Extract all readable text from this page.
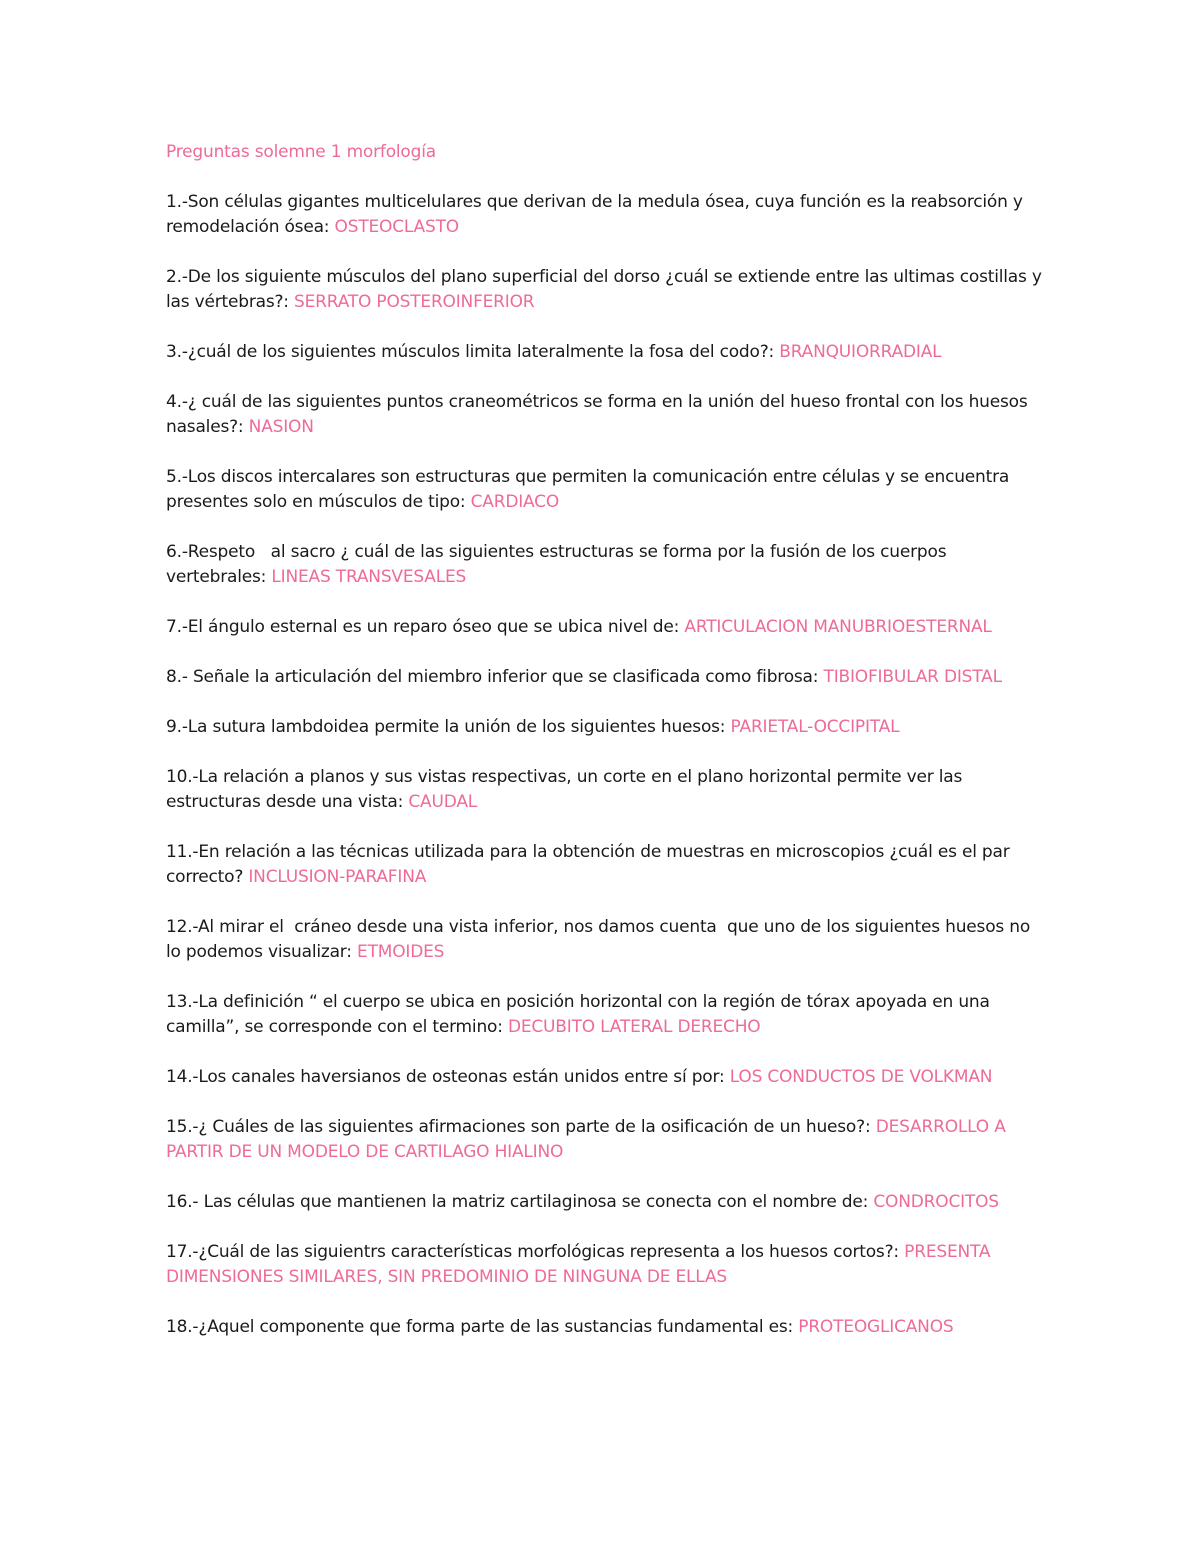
Preguntas solemne 1 morfología

1.-Son células gigantes multicelulares que derivan de la medula ósea, cuya función es la reabsorción y remodelación ósea: OSTEOCLASTO

2.-De los siguiente músculos del plano superficial del dorso ¿cuál se extiende entre las ultimas costillas y las vértebras?: SERRATO POSTEROINFERIOR

3.-¿cuál de los siguientes músculos limita lateralmente la fosa del codo?: BRANQUIORRADIAL

4.-¿ cuál de las siguientes puntos craneométricos se forma en la unión del hueso frontal con los huesos nasales?: NASION

5.-Los discos intercalares son estructuras que permiten la comunicación entre células y se encuentra presentes solo en músculos de tipo: CARDIACO

6.-Respeto   al sacro ¿ cuál de las siguientes estructuras se forma por la fusión de los cuerpos vertebrales: LINEAS TRANSVESALES

7.-El ángulo esternal es un reparo óseo que se ubica nivel de: ARTICULACION MANUBRIOESTERNAL

8.- Señale la articulación del miembro inferior que se clasificada como fibrosa: TIBIOFIBULAR DISTAL

9.-La sutura lambdoidea permite la unión de los siguientes huesos: PARIETAL-OCCIPITAL

10.-La relación a planos y sus vistas respectivas, un corte en el plano horizontal permite ver las estructuras desde una vista: CAUDAL

11.-En relación a las técnicas utilizada para la obtención de muestras en microscopios ¿cuál es el par correcto? INCLUSION-PARAFINA

12.-Al mirar el  cráneo desde una vista inferior, nos damos cuenta  que uno de los siguientes huesos no lo podemos visualizar: ETMOIDES

13.-La definición “ el cuerpo se ubica en posición horizontal con la región de tórax apoyada en una camilla”, se corresponde con el termino: DECUBITO LATERAL DERECHO

14.-Los canales haversianos de osteonas están unidos entre sí por: LOS CONDUCTOS DE VOLKMAN

15.-¿ Cuáles de las siguientes afirmaciones son parte de la osificación de un hueso?: DESARROLLO A PARTIR DE UN MODELO DE CARTILAGO HIALINO

16.- Las células que mantienen la matriz cartilaginosa se conecta con el nombre de: CONDROCITOS

17.-¿Cuál de las siguientrs características morfológicas representa a los huesos cortos?: PRESENTA DIMENSIONES SIMILARES, SIN PREDOMINIO DE NINGUNA DE ELLAS

18.-¿Aquel componente que forma parte de las sustancias fundamental es: PROTEOGLICANOS
